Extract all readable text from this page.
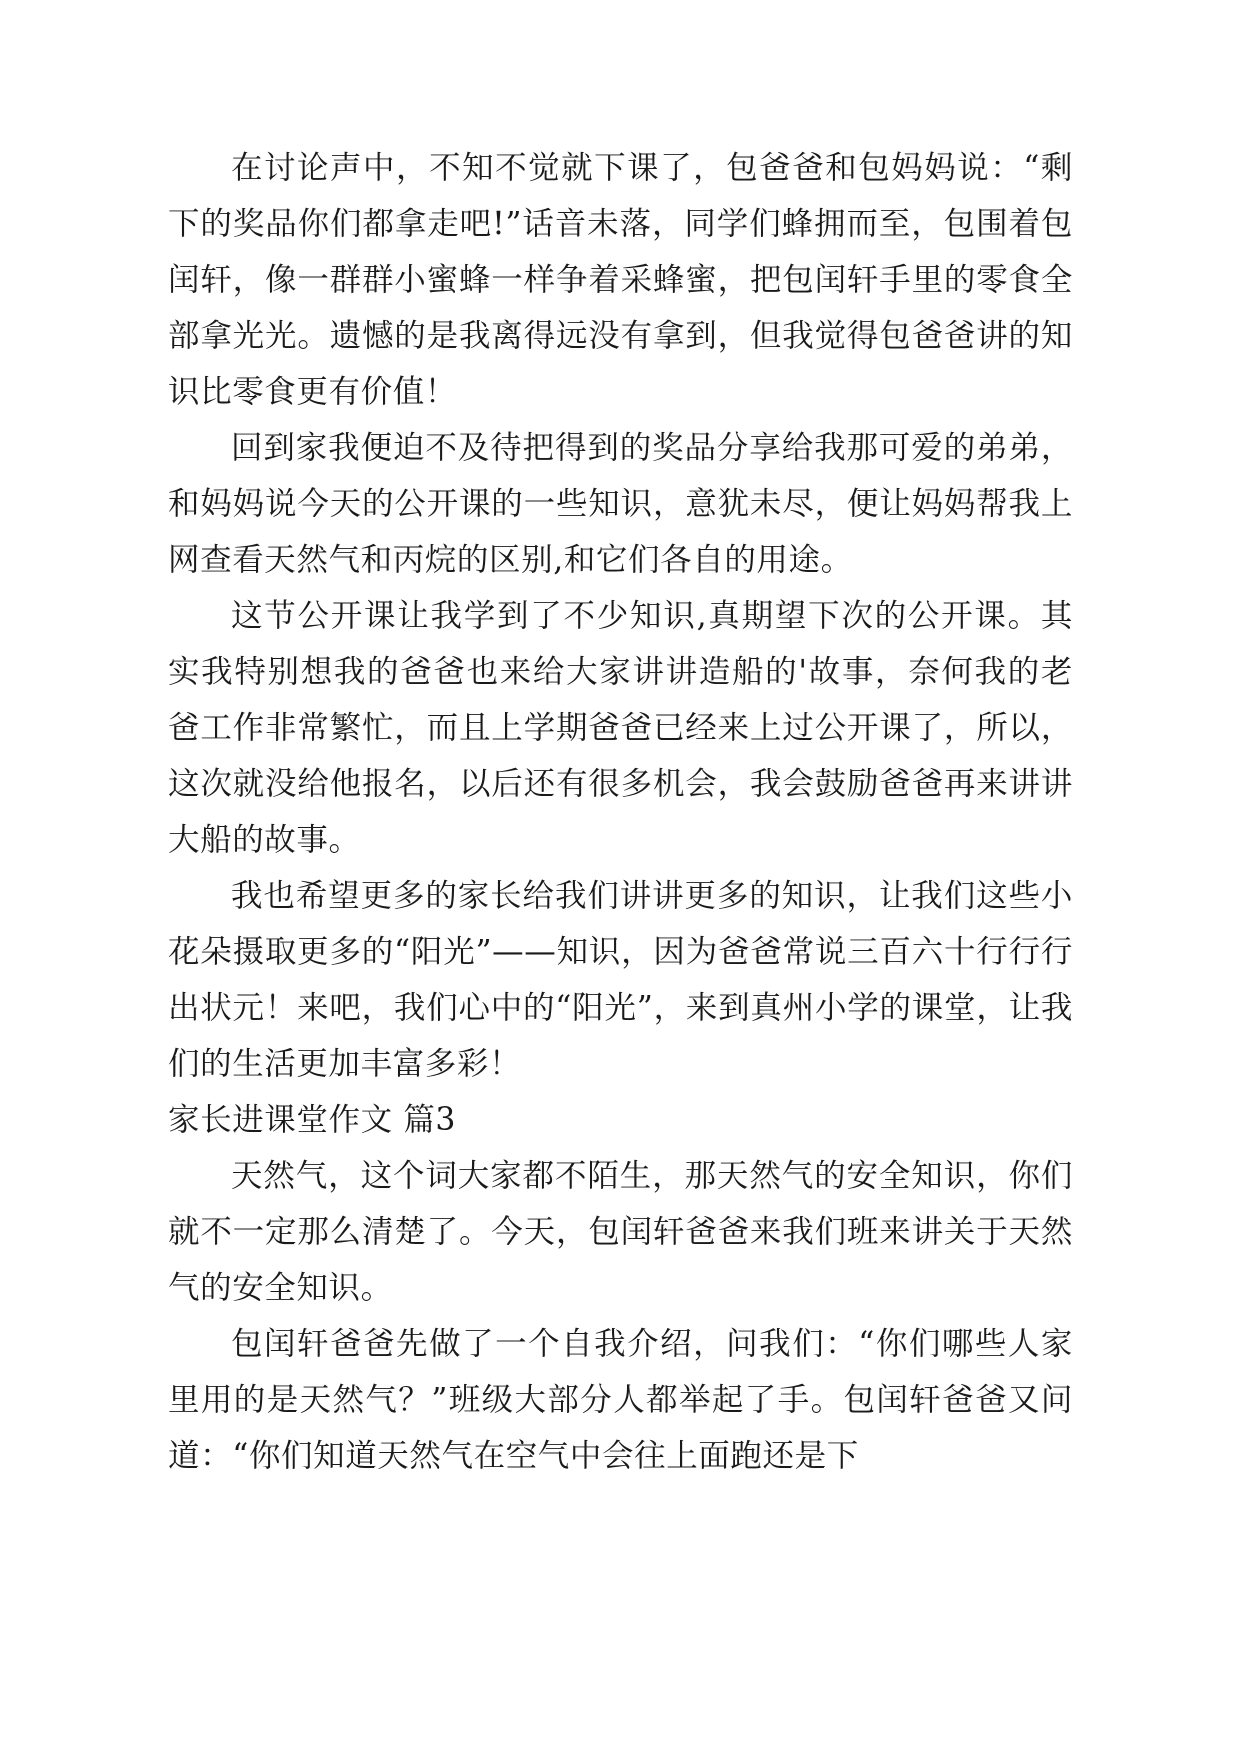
在讨论声中，不知不觉就下课了，包爸爸和包妈妈说：“剩下的奖品你们都拿走吧!”话音未落，同学们蜂拥而至，包围着包闰轩，像一群群小蜜蜂一样争着采蜂蜜，把包闰轩手里的零食全部拿光光。遗憾的是我离得远没有拿到，但我觉得包爸爸讲的知识比零食更有价值！

回到家我便迫不及待把得到的奖品分享给我那可爱的弟弟，和妈妈说今天的公开课的一些知识，意犹未尽，便让妈妈帮我上网查看天然气和丙烷的区别,和它们各自的用途。

这节公开课让我学到了不少知识,真期望下次的公开课。其实我特别想我的爸爸也来给大家讲讲造船的'故事，奈何我的老爸工作非常繁忙，而且上学期爸爸已经来上过公开课了，所以，这次就没给他报名，以后还有很多机会，我会鼓励爸爸再来讲讲大船的故事。

我也希望更多的家长给我们讲讲更多的知识，让我们这些小花朵摄取更多的“阳光”——知识，因为爸爸常说三百六十行行行出状元！来吧，我们心中的“阳光”，来到真州小学的课堂，让我们的生活更加丰富多彩！

家长进课堂作文 篇3

天然气，这个词大家都不陌生，那天然气的安全知识，你们就不一定那么清楚了。今天，包闰轩爸爸来我们班来讲关于天然气的安全知识。

包闰轩爸爸先做了一个自我介绍，问我们：“你们哪些人家里用的是天然气？”班级大部分人都举起了手。包闰轩爸爸又问道：“你们知道天然气在空气中会往上面跑还是下
